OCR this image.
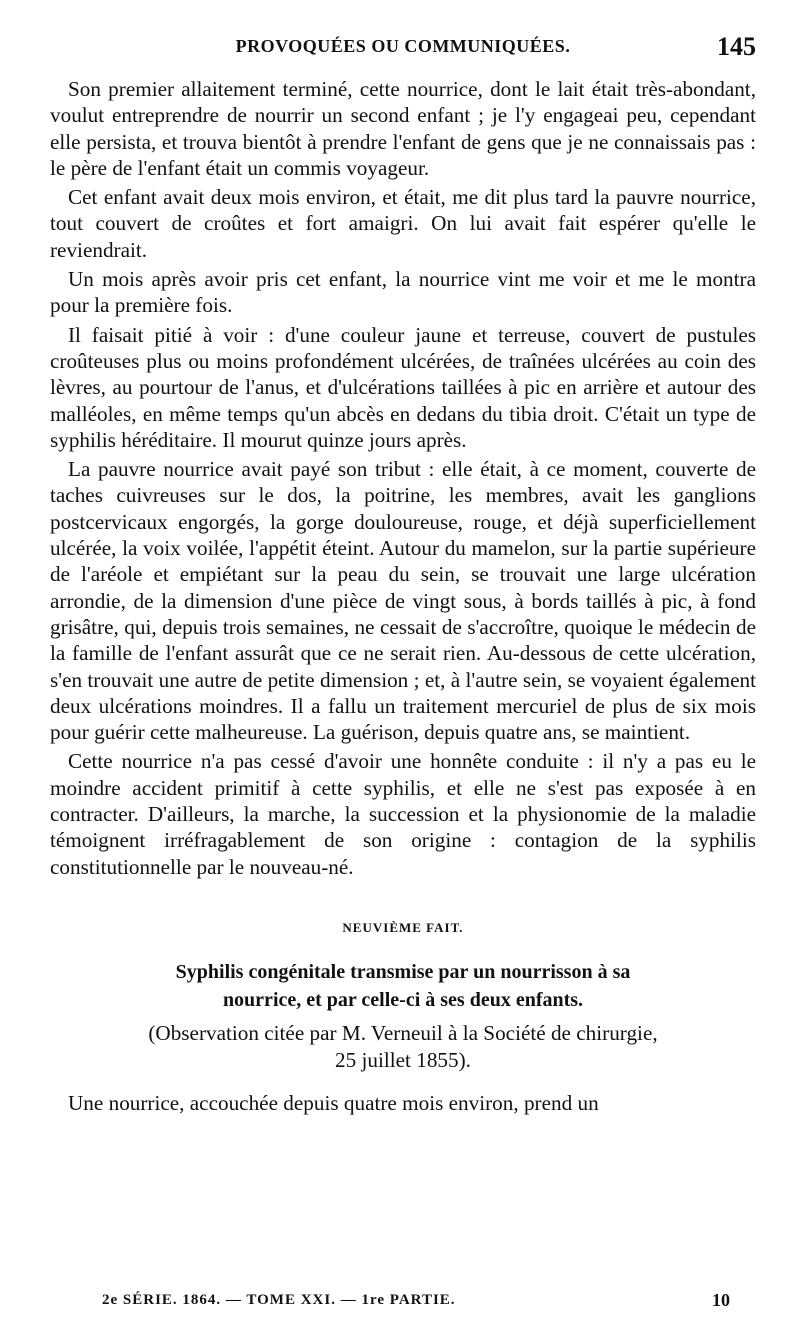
PROVOQUÉES OU COMMUNIQUÉES.	145

Son premier allaitement terminé, cette nourrice, dont le lait était très-abondant, voulut entreprendre de nourrir un second enfant ; je l'y engageai peu, cependant elle persista, et trouva bientôt à prendre l'enfant de gens que je ne connaissais pas : le père de l'enfant était un commis voyageur.

Cet enfant avait deux mois environ, et était, me dit plus tard la pauvre nourrice, tout couvert de croûtes et fort amaigri. On lui avait fait espérer qu'elle le reviendrait.

Un mois après avoir pris cet enfant, la nourrice vint me voir et me le montra pour la première fois.

Il faisait pitié à voir : d'une couleur jaune et terreuse, couvert de pustules croûteuses plus ou moins profondément ulcérées, de traînées ulcérées au coin des lèvres, au pourtour de l'anus, et d'ulcérations taillées à pic en arrière et autour des malléoles, en même temps qu'un abcès en dedans du tibia droit. C'était un type de syphilis héréditaire. Il mourut quinze jours après.

La pauvre nourrice avait payé son tribut : elle était, à ce moment, couverte de taches cuivreuses sur le dos, la poitrine, les membres, avait les ganglions postcervicaux engorgés, la gorge douloureuse, rouge, et déjà superficiellement ulcérée, la voix voilée, l'appétit éteint. Autour du mamelon, sur la partie supérieure de l'aréole et empiétant sur la peau du sein, se trouvait une large ulcération arrondie, de la dimension d'une pièce de vingt sous, à bords taillés à pic, à fond grisâtre, qui, depuis trois semaines, ne cessait de s'accroître, quoique le médecin de la famille de l'enfant assurât que ce ne serait rien. Au-dessous de cette ulcération, s'en trouvait une autre de petite dimension ; et, à l'autre sein, se voyaient également deux ulcérations moindres. Il a fallu un traitement mercuriel de plus de six mois pour guérir cette malheureuse. La guérison, depuis quatre ans, se maintient.

Cette nourrice n'a pas cessé d'avoir une honnête conduite : il n'y a pas eu le moindre accident primitif à cette syphilis, et elle ne s'est pas exposée à en contracter. D'ailleurs, la marche, la succession et la physionomie de la maladie témoignent irréfragablement de son origine : contagion de la syphilis constitutionnelle par le nouveau-né.

NEUVIÈME FAIT.
Syphilis congénitale transmise par un nourrisson à sa
nourrice, et par celle-ci à ses deux enfants.
(Observation citée par M. Verneuil à la Société de chirurgie,
25 juillet 1855).

Une nourrice, accouchée depuis quatre mois environ, prend un

2e SÉRIE. 1864. — TOME XXI. — 1re PARTIE.	10
